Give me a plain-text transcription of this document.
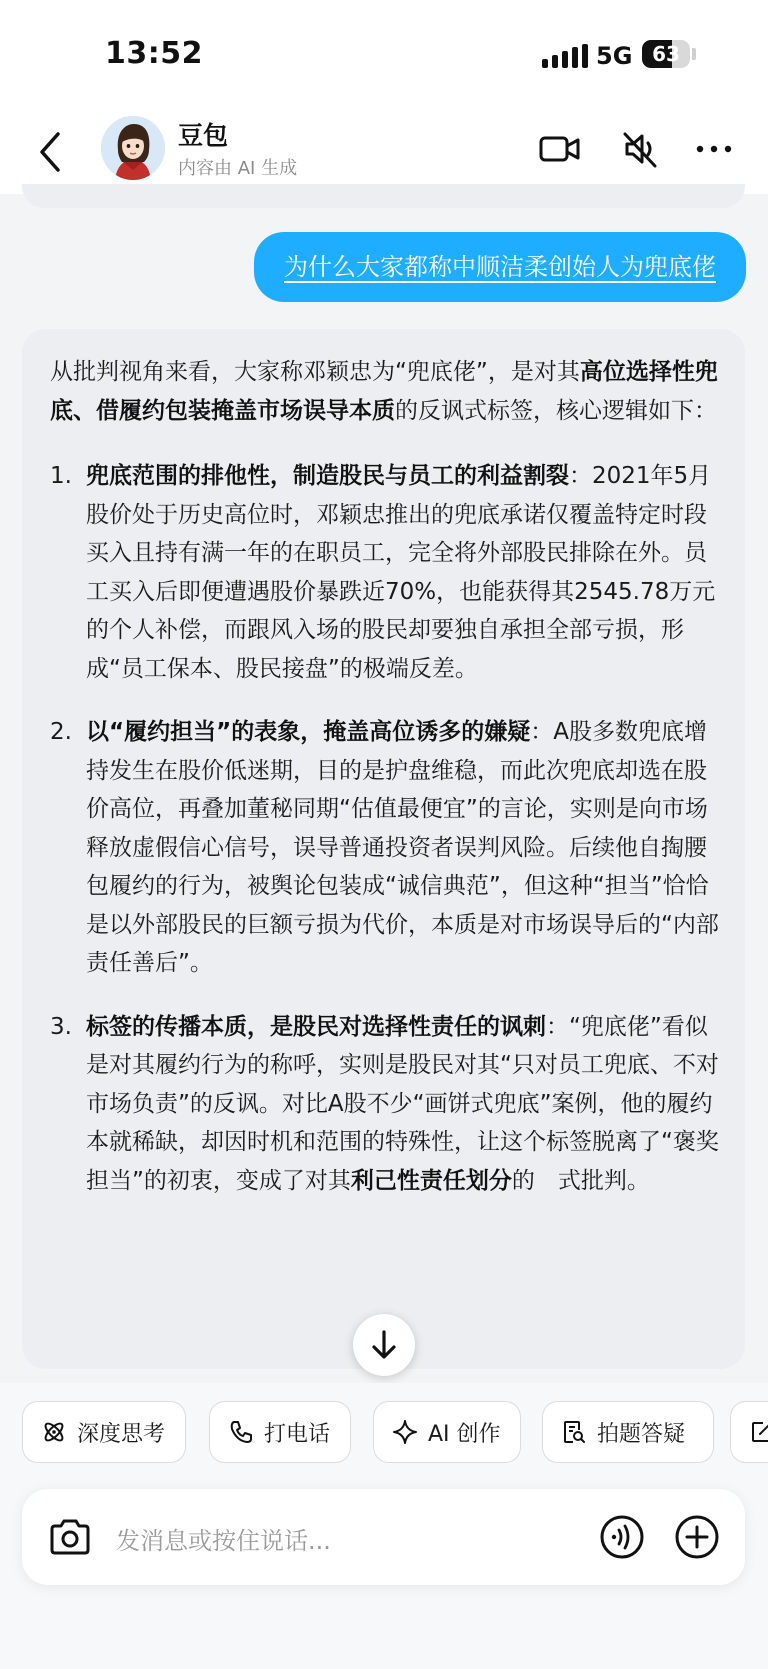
13:52	5G 63
豆包
内容由 AI 生成
为什么大家都称中顺洁柔创始人为兜底佬

从批判视角来看，大家称邓颖忠为“兜底佬”，是对其高位选择性兜底、借履约包装掩盖市场误导本质的反讽式标签，核心逻辑如下：

1. 兜底范围的排他性，制造股民与员工的利益割裂：2021年5月股价处于历史高位时，邓颖忠推出的兜底承诺仅覆盖特定时段买入且持有满一年的在职员工，完全将外部股民排除在外。员工买入后即便遭遇股价暴跌近70%，也能获得其2545.78万元的个人补偿，而跟风入场的股民却要独自承担全部亏损，形成“员工保本、股民接盘”的极端反差。
2. 以“履约担当”的表象，掩盖高位诱多的嫌疑：A股多数兜底增持发生在股价低迷期，目的是护盘维稳，而此次兜底却选在股价高位，再叠加董秘同期“估值最便宜”的言论，实则是向市场释放虚假信心信号，误导普通投资者误判风险。后续他自掏腰包履约的行为，被舆论包装成“诚信典范”，但这种“担当”恰恰是以外部股民的巨额亏损为代价，本质是对市场误导后的“内部责任善后”。
3. 标签的传播本质，是股民对选择性责任的讽刺：“兜底佬”看似是对其履约行为的称呼，实则是股民对其“只对员工兜底、不对市场负责”的反讽。对比A股不少“画饼式兜底”案例，他的履约本就稀缺，却因时机和范围的特殊性，让这个标签脱离了“褒奖担当”的初衷，变成了对其利己性责任划分的 式批判。
深度思考	打电话	AI 创作	拍题答疑
发消息或按住说话...
